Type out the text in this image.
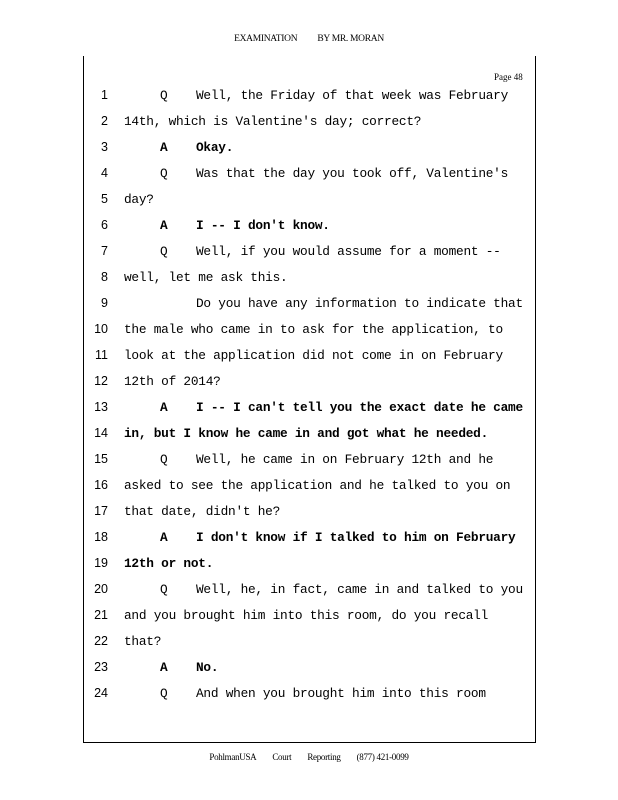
EXAMINATION BY MR. MORAN
Page 48
1	Q Well, the Friday of that week was February
2 14th, which is Valentine's day; correct?
3	A Okay.
4	Q Was that the day you took off, Valentine's
5 day?
6	A I -- I don't know.
7	Q Well, if you would assume for a moment --
8 well, let me ask this.
9	Do you have any information to indicate that
10 the male who came in to ask for the application, to
11 look at the application did not come in on February
12 12th of 2014?
13	A I -- I can't tell you the exact date he came
14 in, but I know he came in and got what he needed.
15	Q Well, he came in on February 12th and he
16 asked to see the application and he talked to you on
17 that date, didn't he?
18	A I don't know if I talked to him on February
19 12th or not.
20	Q Well, he, in fact, came in and talked to you
21 and you brought him into this room, do you recall
22 that?
23	A No.
24	Q And when you brought him into this room
PohlmanUSA Court Reporting (877) 421-0099
